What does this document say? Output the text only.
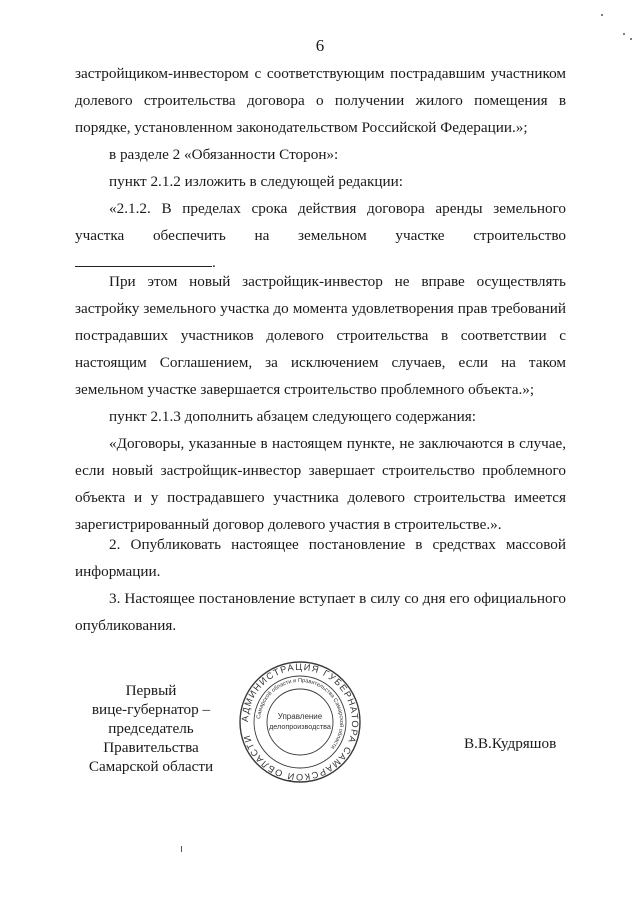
6
застройщиком-инвестором с соответствующим пострадавшим участником
долевого строительства договора о получении жилого помещения в
порядке, установленном законодательством Российской Федерации.»;
в разделе 2 «Обязанности Сторон»:
пункт 2.1.2 изложить в следующей редакции:
«2.1.2. В пределах срока действия договора аренды земельного
участка обеспечить на земельном участке строительство
.
При этом новый застройщик-инвестор не вправе осуществлять
застройку земельного участка до момента удовлетворения прав требований
пострадавших участников долевого строительства в соответствии с
настоящим Соглашением, за исключением случаев, если на таком
земельном участке завершается строительство проблемного объекта.»;
пункт 2.1.3 дополнить абзацем следующего содержания:
«Договоры, указанные в настоящем пункте, не заключаются в случае,
если новый застройщик-инвестор завершает строительство проблемного
объекта и у пострадавшего участника долевого строительства имеется
зарегистрированный договор долевого участия в строительстве.».
2. Опубликовать настоящее постановление в средствах массовой
информации.
3. Настоящее постановление вступает в силу со дня его официального
опубликования.
Первый
вице-губернатор –
председатель Правительства
Самарской области
АДМИНИСТРАЦИЯ ГУБЕРНАТОРА САМАРСКОЙ ОБЛАСТИ
Самарской области и Правительства Самарской области
Управление
делопроизводства
В.В.Кудряшов
